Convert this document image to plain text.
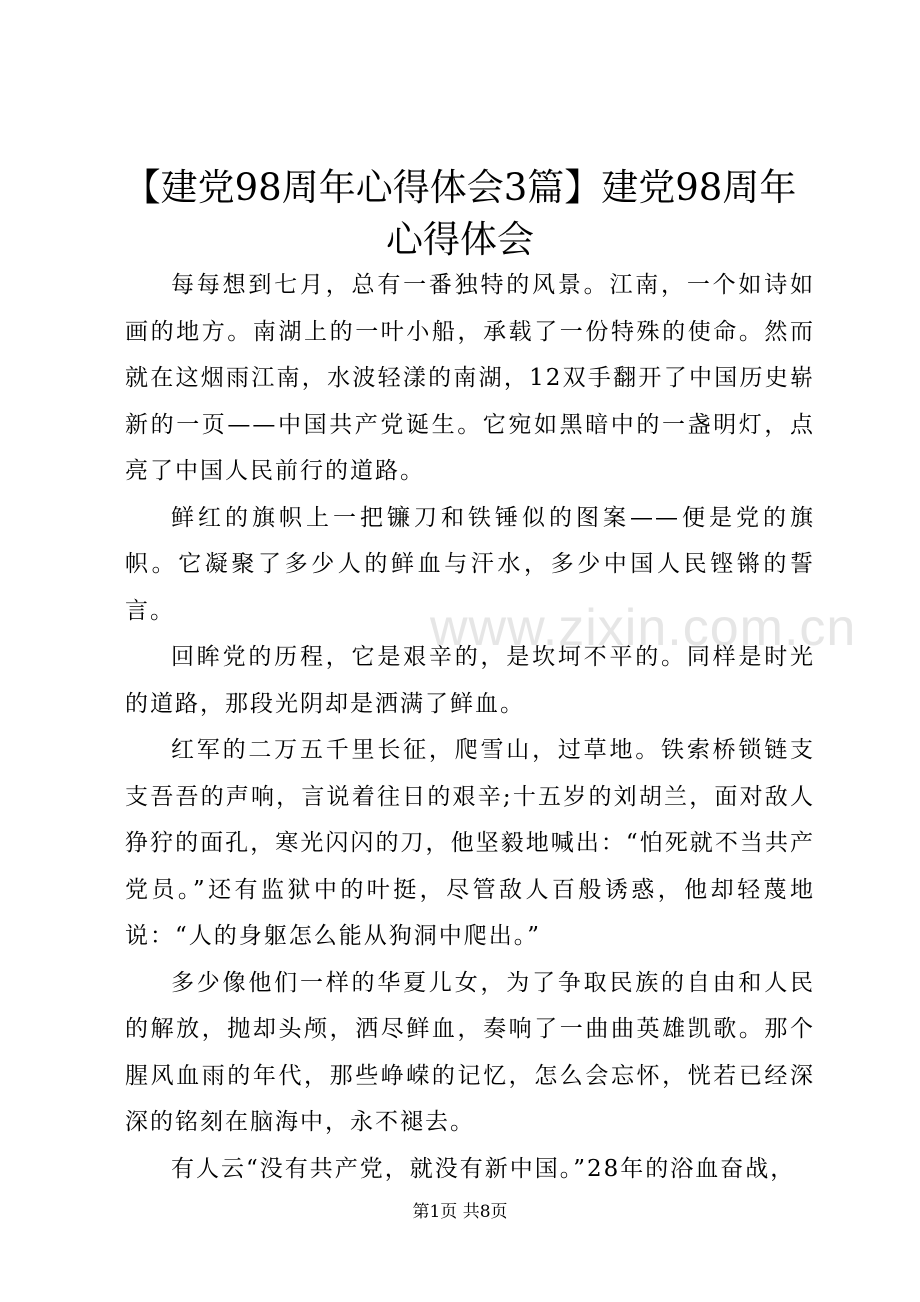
www.zixin.com.cn
【建党98周年心得体会3篇】建党98周年心得体会

每每想到七月，总有一番独特的风景。江南，一个如诗如画的地方。南湖上的一叶小船，承载了一份特殊的使命。然而就在这烟雨江南，水波轻漾的南湖，12双手翻开了中国历史崭新的一页——中国共产党诞生。它宛如黑暗中的一盏明灯，点亮了中国人民前行的道路。

鲜红的旗帜上一把镰刀和铁锤似的图案——便是党的旗帜。它凝聚了多少人的鲜血与汗水，多少中国人民铿锵的誓言。

回眸党的历程，它是艰辛的，是坎坷不平的。同样是时光的道路，那段光阴却是洒满了鲜血。

红军的二万五千里长征，爬雪山，过草地。铁索桥锁链支支吾吾的声响，言说着往日的艰辛;十五岁的刘胡兰，面对敌人狰狞的面孔，寒光闪闪的刀，他坚毅地喊出：“怕死就不当共产党员。”还有监狱中的叶挺，尽管敌人百般诱惑，他却轻蔑地说：“人的身躯怎么能从狗洞中爬出。”

多少像他们一样的华夏儿女，为了争取民族的自由和人民的解放，抛却头颅，洒尽鲜血，奏响了一曲曲英雄凯歌。那个腥风血雨的年代，那些峥嵘的记忆，怎么会忘怀，恍若已经深深的铭刻在脑海中，永不褪去。

有人云“没有共产党，就没有新中国。”28年的浴血奋战，

第1页 共8页
